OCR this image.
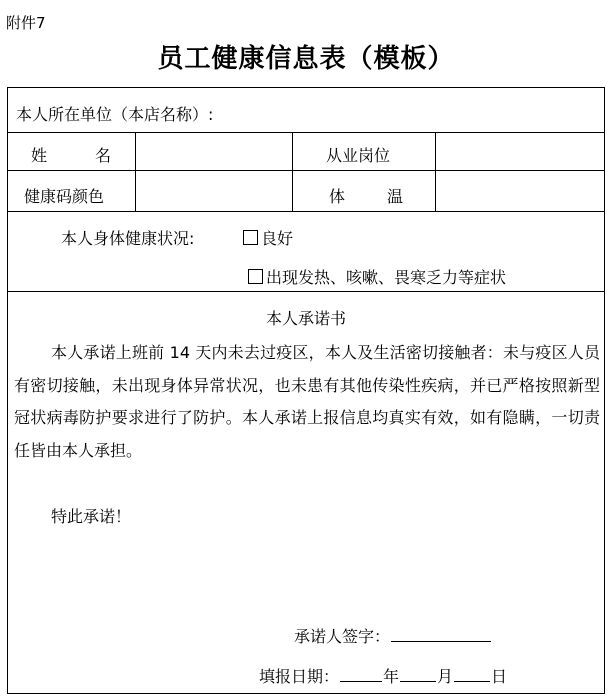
附件7
员工健康信息表（模板）
本人所在单位（本店名称）:
姓名	从业岗位
健康码颜色	体温
本人身体健康状况:	良好
出现发热、咳嗽、畏寒乏力等症状
本人承诺书
本人承诺上班前 14 天内未去过疫区，本人及生活密切接触者：未与疫区人员有密切接触，未出现身体异常状况，也未患有其他传染性疾病，并已严格按照新型冠状病毒防护要求进行了防护。本人承诺上报信息均真实有效，如有隐瞒，一切责任皆由本人承担。
特此承诺！
承诺人签字：
填报日期：	年 月 日
